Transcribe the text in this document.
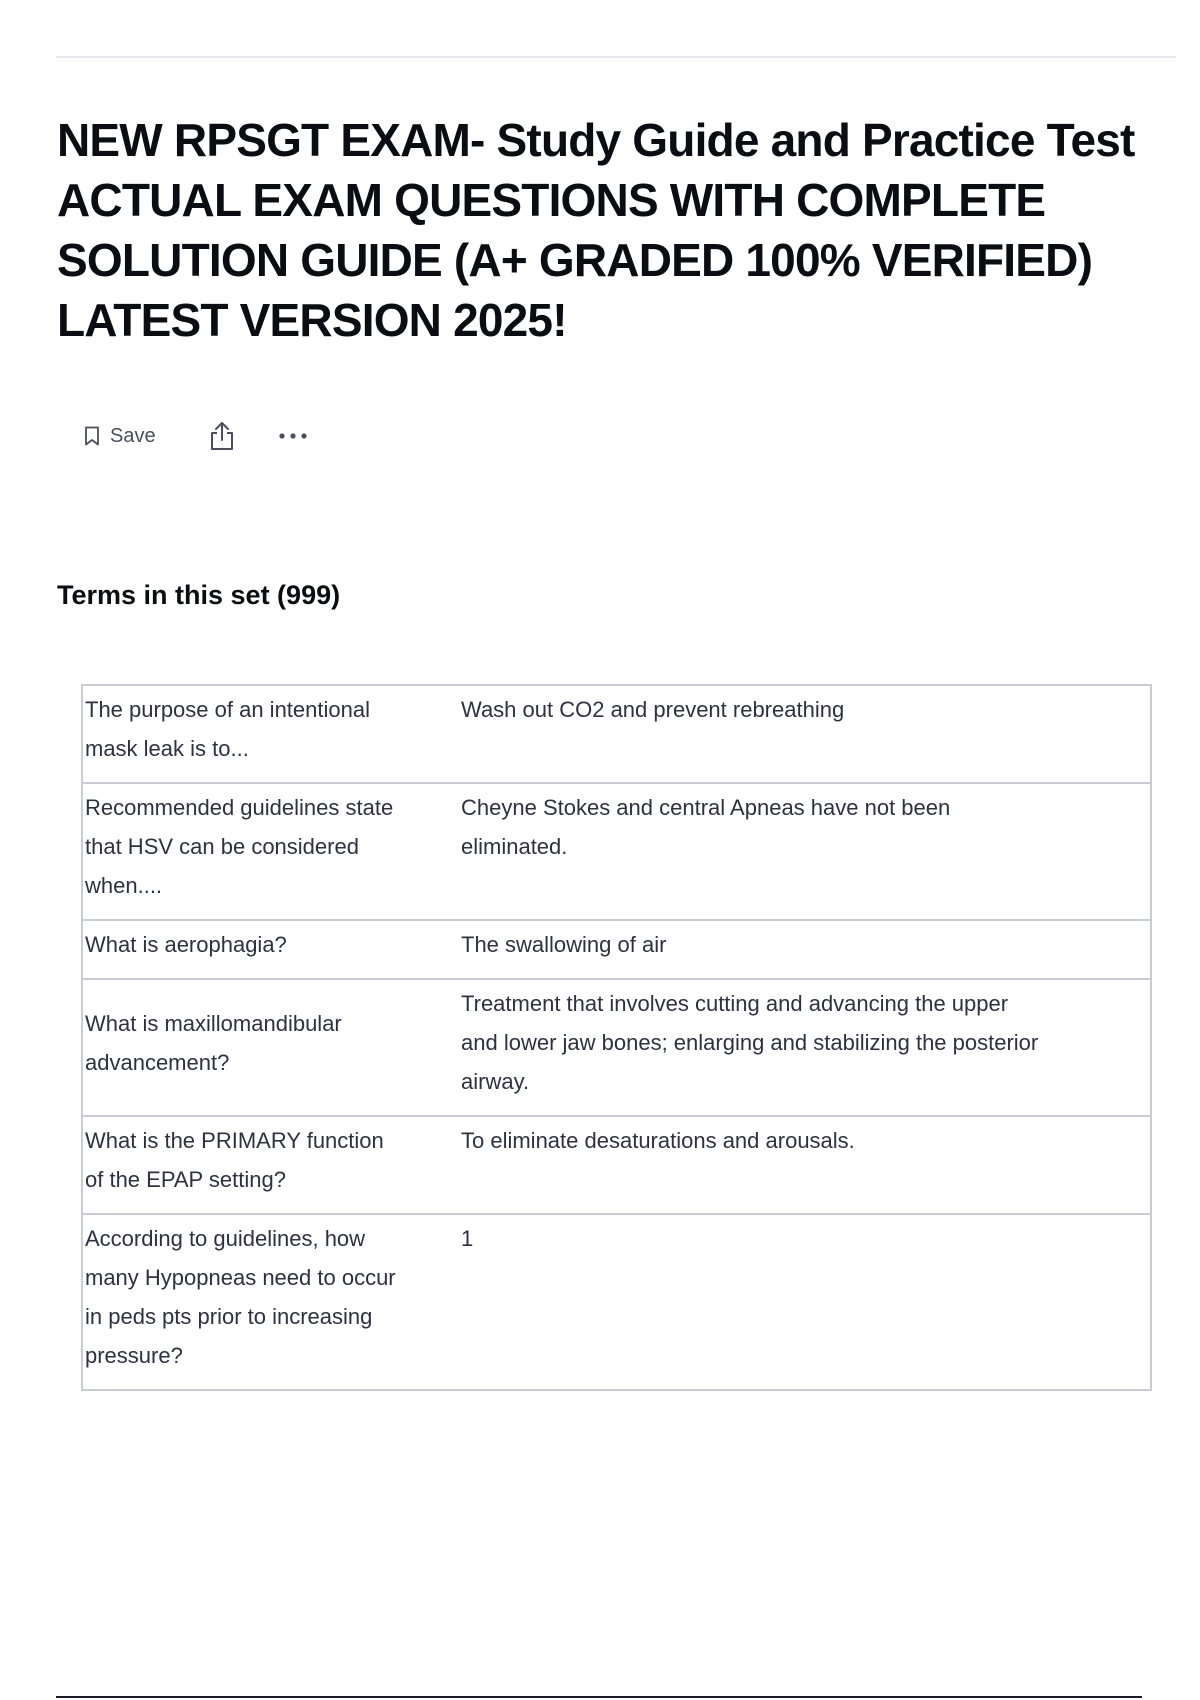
NEW RPSGT EXAM- Study Guide and Practice Test ACTUAL EXAM QUESTIONS WITH COMPLETE SOLUTION GUIDE (A+ GRADED 100% VERIFIED) LATEST VERSION 2025!
Save
Terms in this set (999)
The purpose of an intentional mask leak is to...	Wash out CO2 and prevent rebreathing
Recommended guidelines state that HSV can be considered when....	Cheyne Stokes and central Apneas have not been eliminated.
What is aerophagia?	The swallowing of air
What is maxillomandibular advancement?	Treatment that involves cutting and advancing the upper and lower jaw bones; enlarging and stabilizing the posterior airway.
What is the PRIMARY function of the EPAP setting?	To eliminate desaturations and arousals.
According to guidelines, how many Hypopneas need to occur in peds pts prior to increasing pressure?	1
